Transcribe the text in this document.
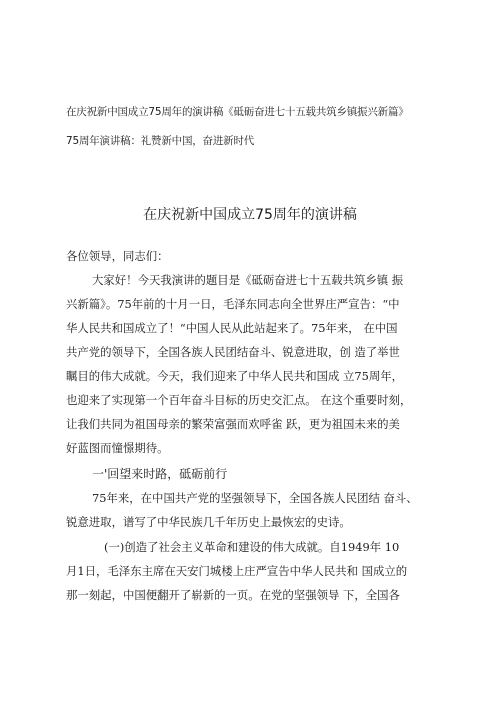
在庆祝新中国成立75周年的演讲稿《砥砺奋进七十五载共筑乡镇振兴新篇》
75周年演讲稿：礼赞新中国，奋进新时代
在庆祝新中国成立75周年的演讲稿
各位领导，同志们：
大家好！今天我演讲的题目是《砥砺奋进七十五载共筑乡镇 振
兴新篇》。75年前的十月一日，毛泽东同志向全世界庄严宣告：“中
华人民共和国成立了！“中国人民从此站起来了。75年来， 在中国
共产党的领导下，全国各族人民团结奋斗、锐意进取，创 造了举世
瞩目的伟大成就。今天，我们迎来了中华人民共和国成 立75周年，
也迎来了实现第一个百年奋斗目标的历史交汇点。 在这个重要时刻，
让我们共同为祖国母亲的繁荣富强而欢呼雀 跃，更为祖国未来的美
好蓝图而憧憬期待。
一'回望来时路，砥砺前行
75年来，在中国共产党的坚强领导下，全国各族人民团结 奋斗、
锐意进取，谱写了中华民族几千年历史上最恢宏的史诗。
(一)创造了社会主义革命和建设的伟大成就。自1949年 10
月1日，毛泽东主席在天安门城楼上庄严宣告中华人民共和 国成立的
那一刻起，中国便翻开了崭新的一页。在党的坚强领导 下，全国各
